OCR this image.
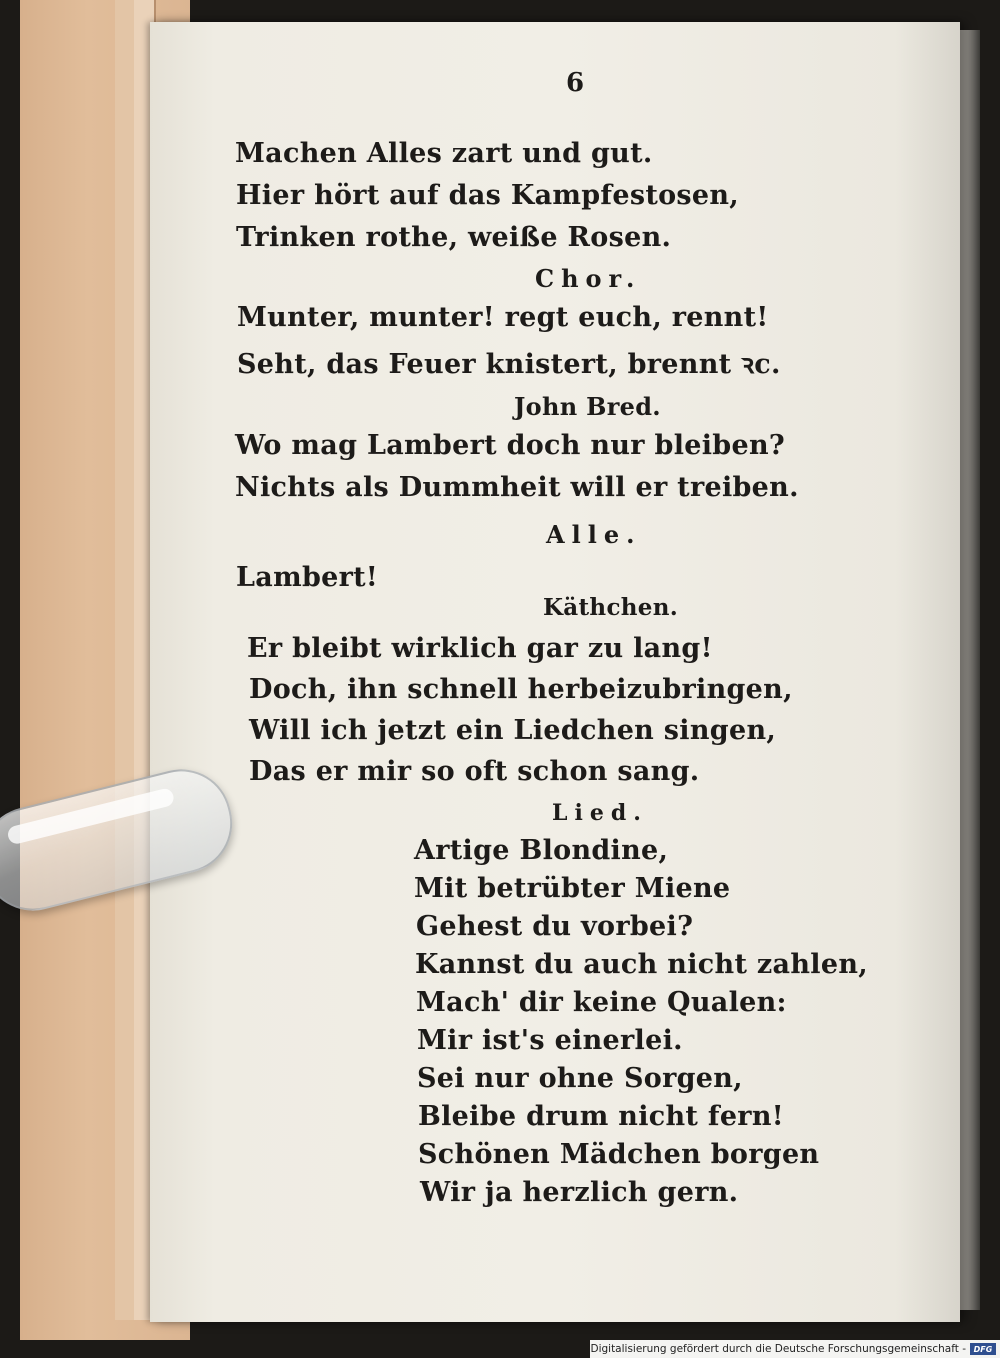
6
Machen Alles zart und gut.
Hier hört auf das Kampfestosen,
Trinken rothe, weiße Rosen.
Chor.
Munter, munter! regt euch, rennt!
Seht, das Feuer knistert, brennt ꝛc.
John Bred.
Wo mag Lambert doch nur bleiben?
Nichts als Dummheit will er treiben.
Alle.
Lambert!
Käthchen.
Er bleibt wirklich gar zu lang!
Doch, ihn schnell herbeizubringen,
Will ich jetzt ein Liedchen singen,
Das er mir so oft schon sang.
Lied.
Artige Blondine,
Mit betrübter Miene
Gehest du vorbei?
Kannst du auch nicht zahlen,
Mach' dir keine Qualen:
Mir ist's einerlei.
Sei nur ohne Sorgen,
Bleibe drum nicht fern!
Schönen Mädchen borgen
Wir ja herzlich gern.
Digitalisierung gefördert durch die Deutsche Forschungsgemeinschaft - DFG
